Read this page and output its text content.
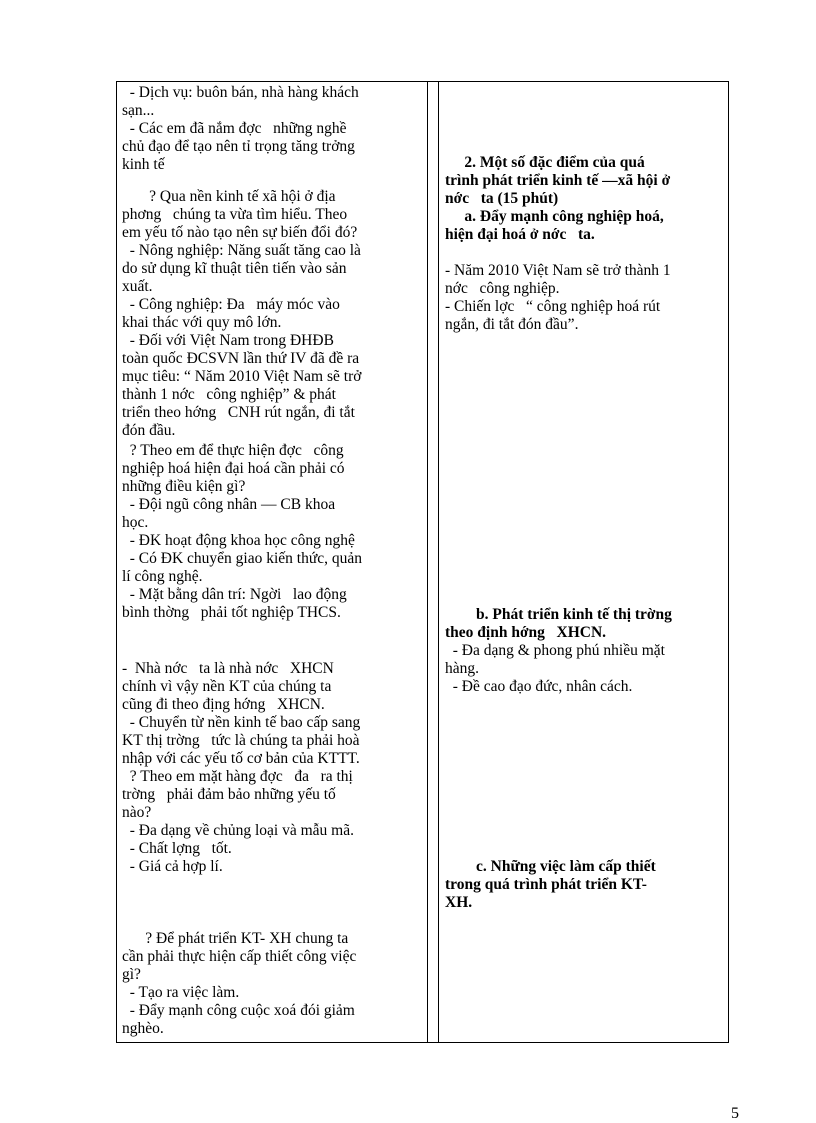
5
- Dịch vụ: buôn bán, nhà hàng khách
sạn...
- Các em đã nắm đợc   những nghề
chủ đạo để tạo nên tỉ trọng tăng trởng
kinh tế
? Qua nền kinh tế xã hội ở địa
phơng   chúng ta vừa tìm hiểu. Theo
em yếu tố nào tạo nên sự biến đổi đó?
- Nông nghiệp: Năng suất tăng cao là
do sử dụng kĩ thuật tiên tiến vào sản
xuất.
- Công nghiệp: Đa   máy móc vào
khai thác với quy mô lớn.
- Đối với Việt Nam trong ĐHĐB
toàn quốc ĐCSVN lần thứ IV đã đề ra
mục tiêu: “ Năm 2010 Việt Nam sẽ trở
thành 1 nớc   công nghiệp” & phát
triển theo hớng   CNH rút ngắn, đi tắt
đón đầu.
? Theo em để thực hiện đợc   công
nghiệp hoá hiện đại hoá cần phải có
những điều kiện gì?
- Đội ngũ công nhân — CB khoa
học.
- ĐK hoạt động khoa học công nghệ
- Có ĐK chuyển giao kiến thức, quản
lí công nghệ.
- Mặt bằng dân trí: Ngời   lao động
bình thờng   phải tốt nghiệp THCS.
-  Nhà nớc   ta là nhà nớc   XHCN
chính vì vậy nền KT của chúng ta
cũng đi theo địng hớng   XHCN.
- Chuyển từ nền kinh tế bao cấp sang
KT thị trờng   tức là chúng ta phải hoà
nhập với các yếu tố cơ bản của KTTT.
? Theo em mặt hàng đợc   đa   ra thị
trờng   phải đảm bảo những yếu tố
nào?
- Đa dạng về chủng loại và mẫu mã.
- Chất lợng   tốt.
- Giá cả hợp lí.
? Để phát triển KT- XH chung ta
cần phải thực hiện cấp thiết công việc
gì?
- Tạo ra việc làm.
- Đẩy mạnh công cuộc xoá đói giảm
nghèo.
2. Một số đặc điểm của quá
trình phát triển kinh tế —xã hội ở
nớc   ta (15 phút)
a. Đẩy mạnh công nghiệp hoá,
hiện đại hoá ở nớc   ta.
- Năm 2010 Việt Nam sẽ trở thành 1
nớc   công nghiệp.
- Chiến lợc   “ công nghiệp hoá rút
ngắn, đi tắt đón đầu”.
b. Phát triển kinh tế thị trờng
theo định hớng   XHCN.
- Đa dạng & phong phú nhiều mặt
hàng.
- Đề cao đạo đức, nhân cách.
c. Những việc làm cấp thiết
trong quá trình phát triển KT-
XH.
